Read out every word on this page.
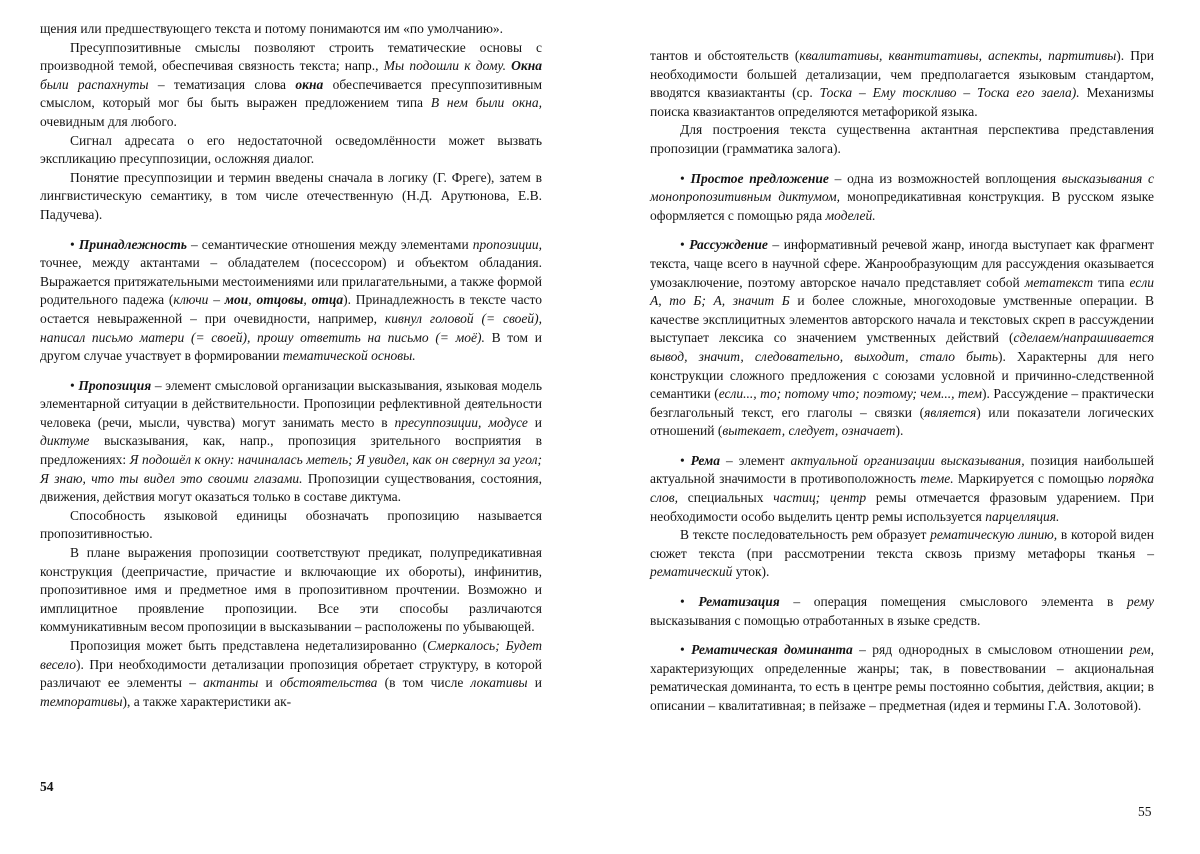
щения или предшествующего текста и потому понимаются им «по умолчанию».

Пресуппозитивные смыслы позволяют строить тематические основы с производной темой, обеспечивая связность текста; напр., Мы подошли к дому. Окна были распахнуты – тематизация слова окна обеспечивается пресуппозитивным смыслом, который мог бы быть выражен предложением типа В нем были окна, очевидным для любого.

Сигнал адресата о его недостаточной осведомлённости может вызвать экспликацию пресуппозиции, осложняя диалог.

Понятие пресуппозиции и термин введены сначала в логику (Г. Фреге), затем в лингвистическую семантику, в том числе отечественную (Н.Д. Арутюнова, Е.В. Падучева).

• Принадлежность – семантические отношения между элементами пропозиции, точнее, между актантами – обладателем (посессором) и объектом обладания. Выражается притяжательными местоимениями или прилагательными, а также формой родительного падежа (ключи – мои, отцовы, отца). Принадлежность в тексте часто остается невыраженной – при очевидности, например, кивнул головой (= своей), написал письмо матери (= своей), прошу ответить на письмо (= моё). В том и другом случае участвует в формировании тематической основы.

• Пропозиция – элемент смысловой организации высказывания, языковая модель элементарной ситуации в действительности. Пропозиции рефлективной деятельности человека (речи, мысли, чувства) могут занимать место в пресуппозиции, модусе и диктуме высказывания, как, напр., пропозиция зрительного восприятия в предложениях: Я подошёл к окну: начиналась метель; Я увидел, как он свернул за угол; Я знаю, что ты видел это своими глазами. Пропозиции существования, состояния, движения, действия могут оказаться только в составе диктума.

Способность языковой единицы обозначать пропозицию называется пропозитивностью.

В плане выражения пропозиции соответствуют предикат, полупредикативная конструкция (деепричастие, причастие и включающие их обороты), инфинитив, пропозитивное имя и предметное имя в пропозитивном прочтении. Возможно и имплицитное проявление пропозиции. Все эти способы различаются коммуникативным весом пропозиции в высказывании – расположены по убывающей.

Пропозиция может быть представлена недетализированно (Смеркалось; Будет весело). При необходимости детализации пропозиция обретает структуру, в которой различают ее элементы – актанты и обстоятельства (в том числе локативы и темпоративы), а также характеристики ак-

54

тантов и обстоятельств (квалитативы, квантитативы, аспекты, партитивы). При необходимости большей детализации, чем предполагается языковым стандартом, вводятся квазиактанты (ср. Тоска – Ему тоскливо – Тоска его заела). Механизмы поиска квазиактантов определяются метафорикой языка.

Для построения текста существенна актантная перспектива представления пропозиции (грамматика залога).

• Простое предложение – одна из возможностей воплощения высказывания с монопропозитивным диктумом, монопредикативная конструкция. В русском языке оформляется с помощью ряда моделей.

• Рассуждение – информативный речевой жанр, иногда выступает как фрагмент текста, чаще всего в научной сфере. Жанрообразующим для рассуждения оказывается умозаключение, поэтому авторское начало представляет собой метатекст типа если А, то Б; А, значит Б и более сложные, многоходовые умственные операции. В качестве эксплицитных элементов авторского начала и текстовых скреп в рассуждении выступает лексика со значением умственных действий (сделаем/напрашивается вывод, значит, следовательно, выходит, стало быть). Характерны для него конструкции сложного предложения с союзами условной и причинно-следственной семантики (если..., то; потому что; поэтому; чем..., тем). Рассуждение – практически безглагольный текст, его глаголы – связки (является) или показатели логических отношений (вытекает, следует, означает).

• Рема – элемент актуальной организации высказывания, позиция наибольшей актуальной значимости в противоположность теме. Маркируется с помощью порядка слов, специальных частиц; центр ремы отмечается фразовым ударением. При необходимости особо выделить центр ремы используется парцелляция.

В тексте последовательность рем образует рематическую линию, в которой виден сюжет текста (при рассмотрении текста сквозь призму метафоры тканья – рематический уток).

• Рематизация – операция помещения смыслового элемента в рему высказывания с помощью отработанных в языке средств.

• Рематическая доминанта – ряд однородных в смысловом отношении рем, характеризующих определенные жанры; так, в повествовании – акциональная рематическая доминанта, то есть в центре ремы постоянно события, действия, акции; в описании – квалитативная; в пейзаже – предметная (идея и термины Г.А. Золотовой).

55
